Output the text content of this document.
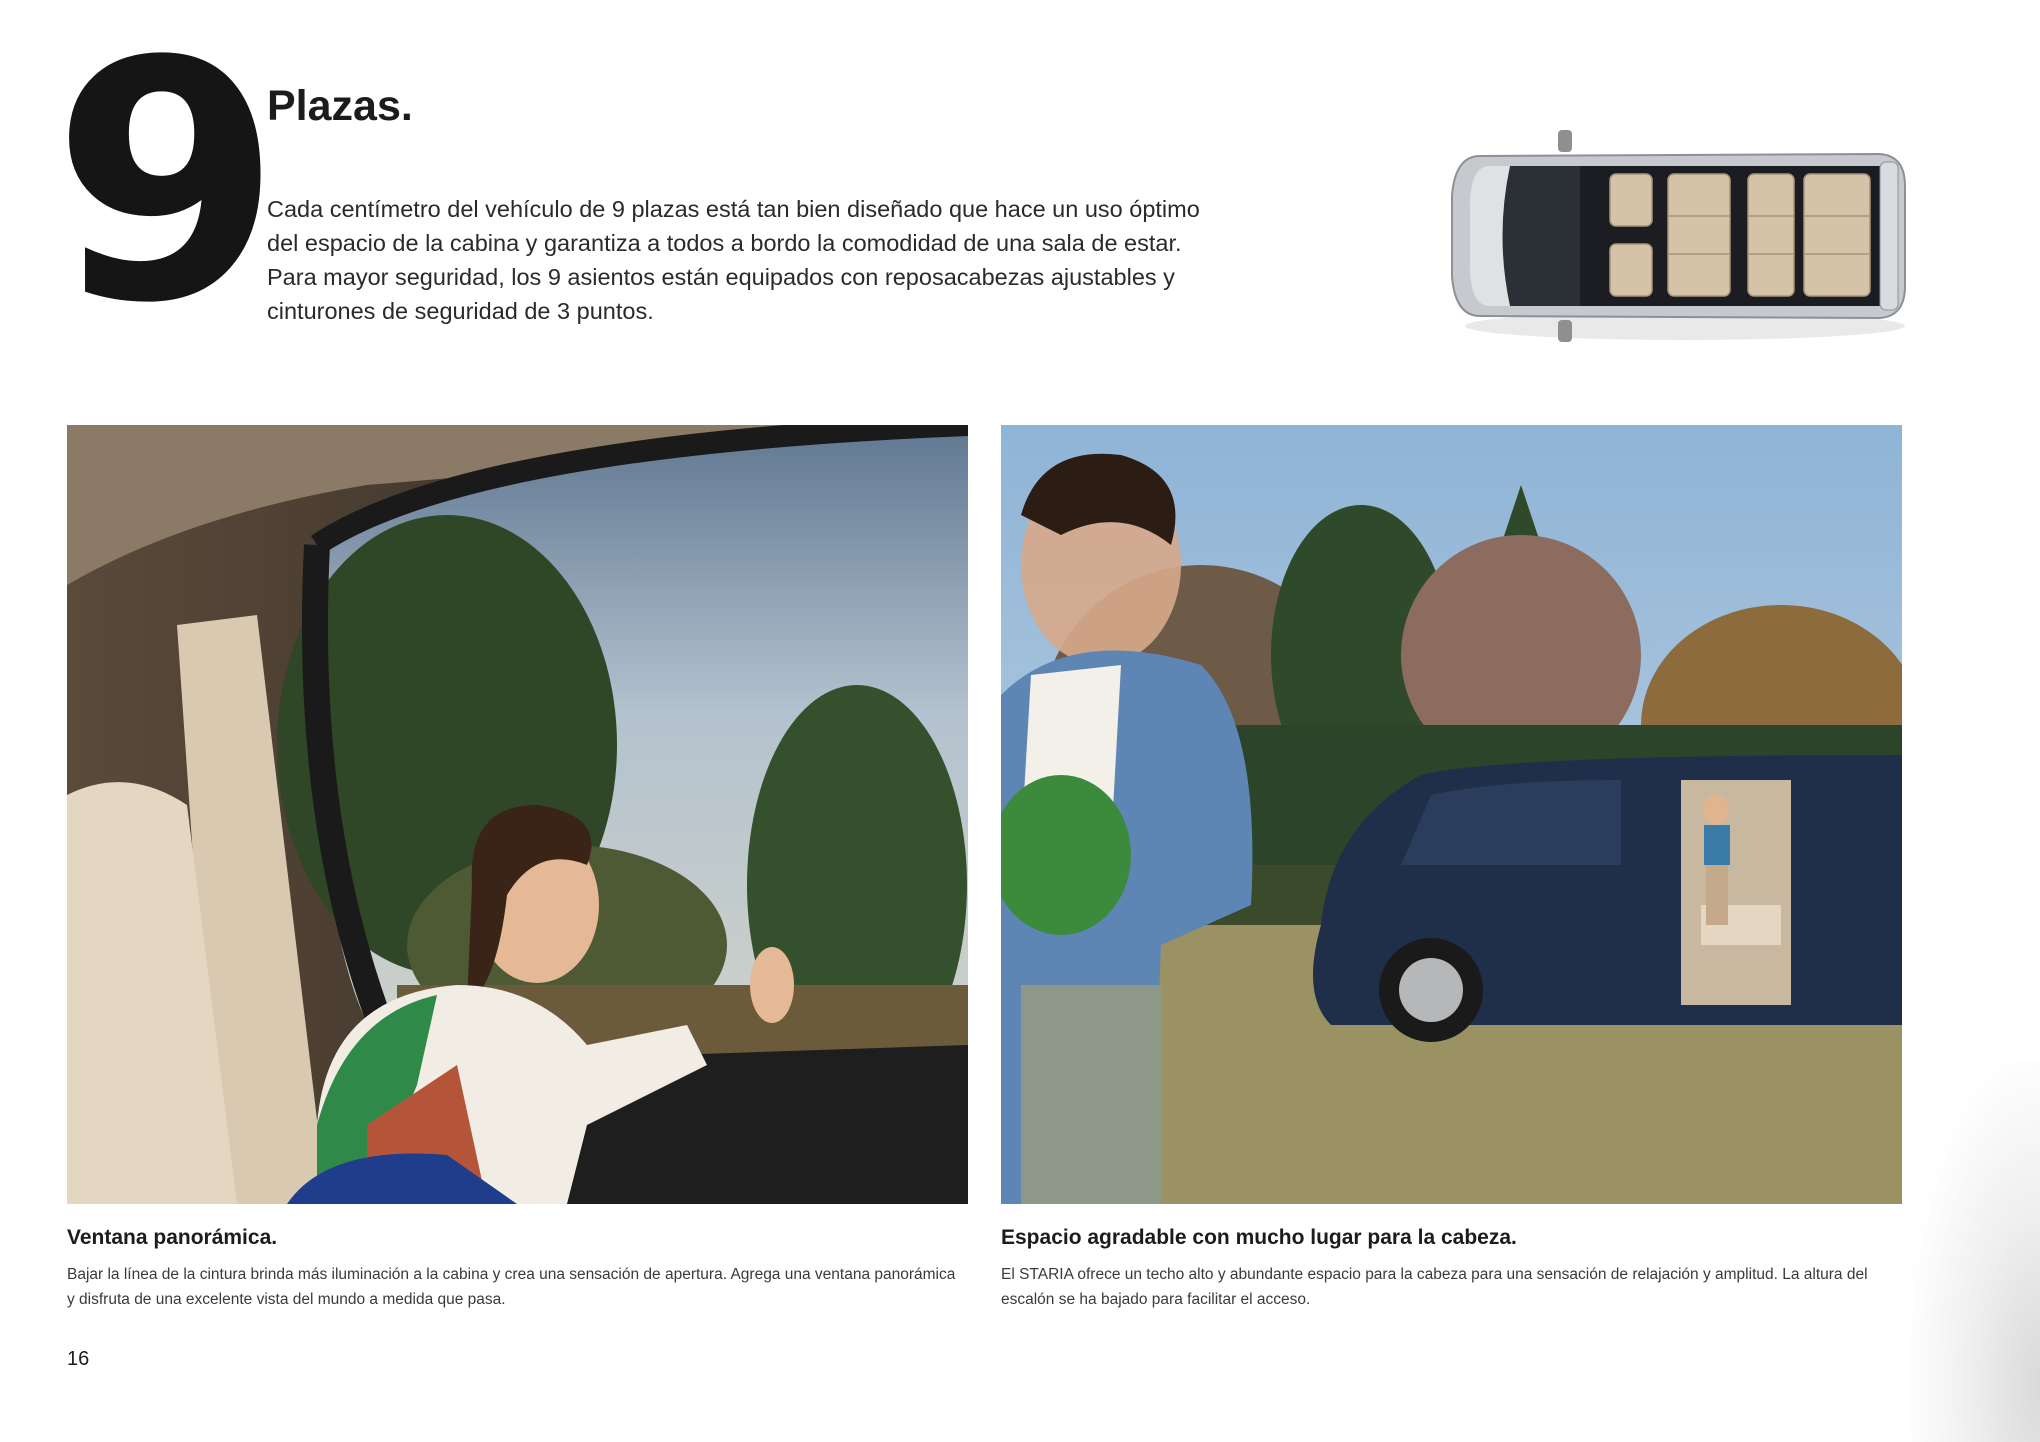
9
Plazas.

Cada centímetro del vehículo de 9 plazas está tan bien diseñado que hace un uso óptimo del espacio de la cabina y garantiza a todos a bordo la comodidad de una sala de estar. Para mayor seguridad, los 9 asientos están equipados con reposacabezas ajustables y cinturones de seguridad de 3 puntos.

Ventana panorámica.

Bajar la línea de la cintura brinda más iluminación a la cabina y crea una sensación de apertura. Agrega una ventana panorámica y disfruta de una excelente vista del mundo a medida que pasa.

Espacio agradable con mucho lugar para la cabeza.

El STARIA ofrece un techo alto y abundante espacio para la cabeza para una sensación de relajación y amplitud. La altura del escalón se ha bajado para facilitar el acceso.

16
